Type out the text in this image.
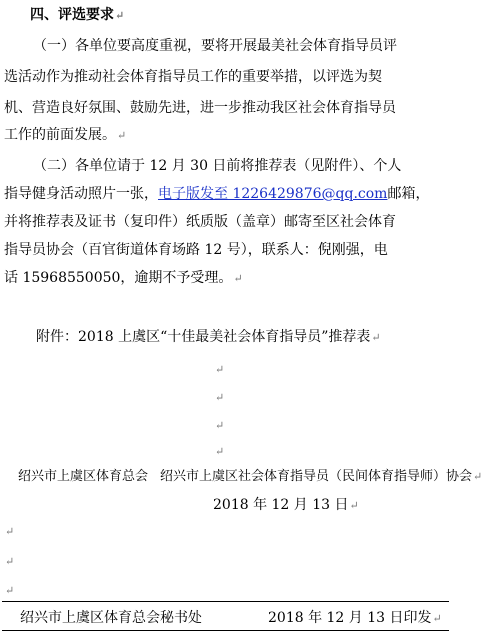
四、评选要求↵
（一）各单位要高度重视，要将开展最美社会体育指导员评
选活动作为推动社会体育指导员工作的重要举措，以评选为契
机、营造良好氛围、鼓励先进，进一步推动我区社会体育指导员
工作的前面发展。↵
（二）各单位请于 12 月 30 日前将推荐表（见附件）、个人
指导健身活动照片一张，电子版发至 1226429876@qq.com邮箱，
并将推荐表及证书（复印件）纸质版（盖章）邮寄至区社会体育
指导员协会（百官街道体育场路 12 号），联系人：倪刚强，电
话 15968550050，逾期不予受理。↵
附件：2018 上虞区“十佳最美社会体育指导员”推荐表↵
↵
↵
↵
↵
绍兴市上虞区体育总会 绍兴市上虞区社会体育指导员（民间体育指导师）协会↵
2018 年 12 月 13 日↵
↵
↵
↵
绍兴市上虞区体育总会秘书处	2018 年 12 月 13 日印发↵
